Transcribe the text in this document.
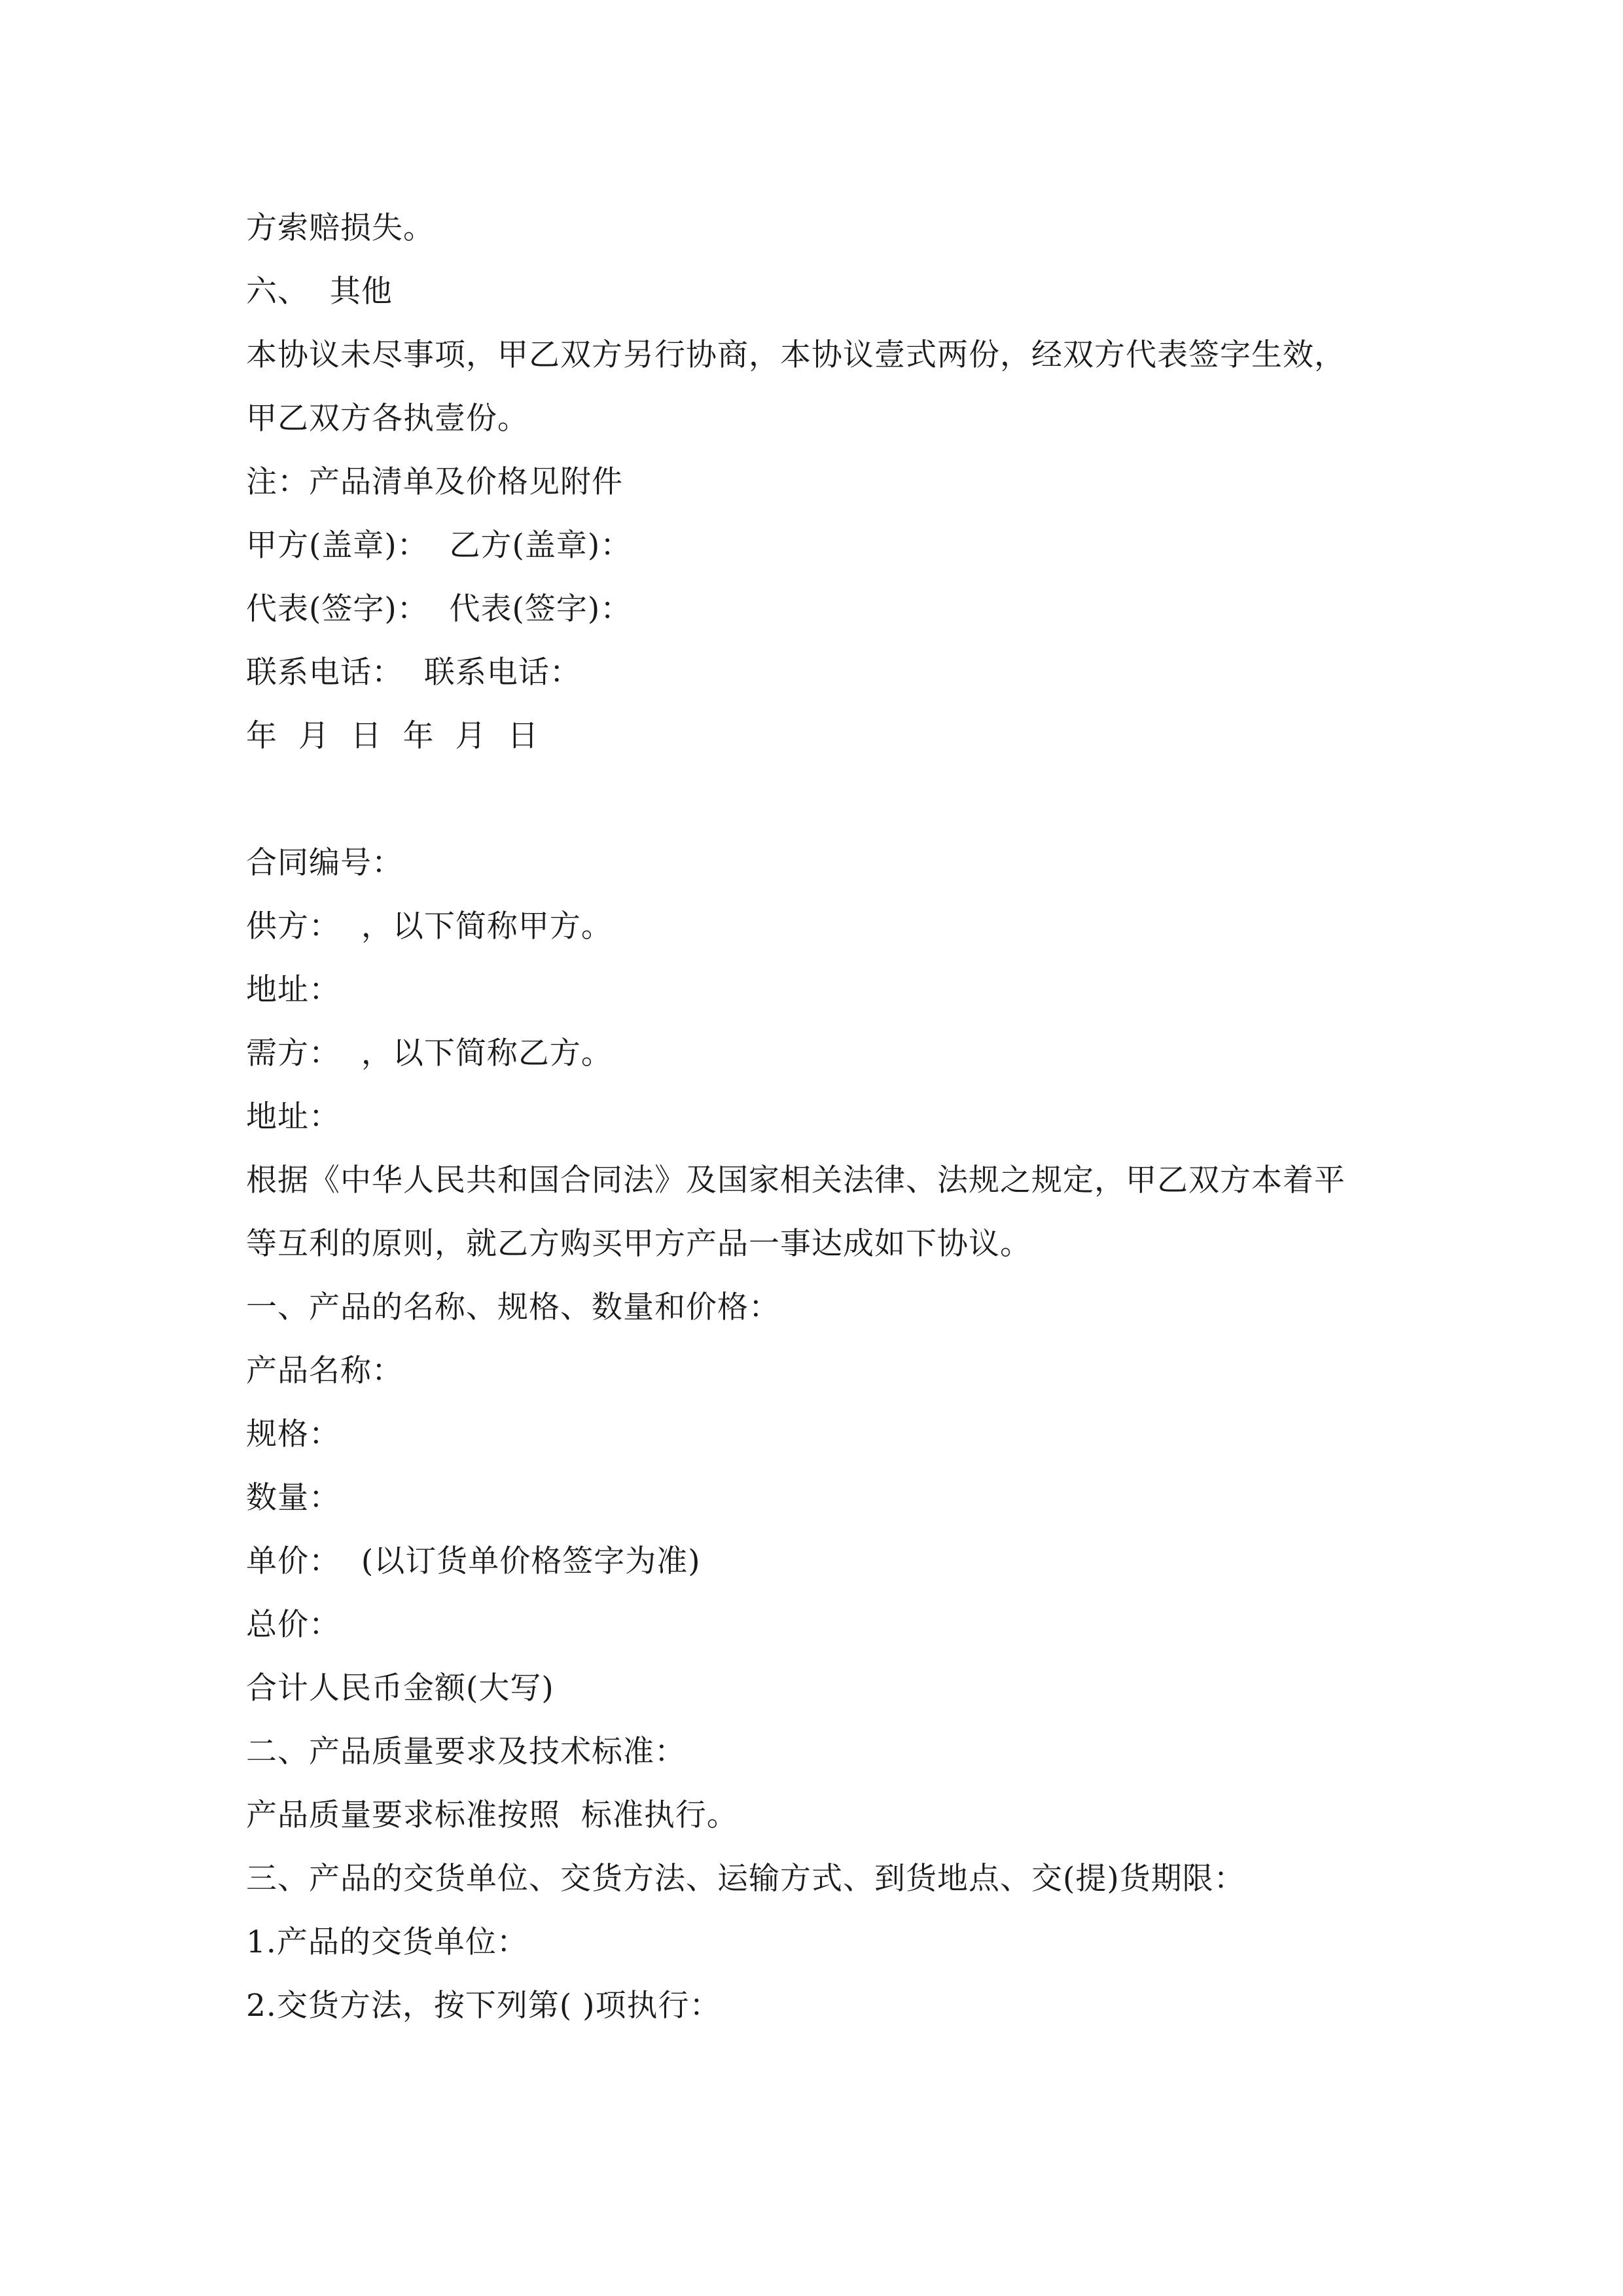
方索赔损失。
六、  其他
本协议未尽事项，甲乙双方另行协商，本协议壹式两份，经双方代表签字生效，
甲乙双方各执壹份。
注：产品清单及价格见附件
甲方(盖章)：  乙方(盖章)：
代表(签字)：  代表(签字)：
联系电话：  联系电话：
年  月  日  年  月  日
合同编号：
供方：  ，以下简称甲方。
地址：
需方：  ，以下简称乙方。
地址：
根据《中华人民共和国合同法》及国家相关法律、法规之规定，甲乙双方本着平
等互利的原则，就乙方购买甲方产品一事达成如下协议。
一、产品的名称、规格、数量和价格：
产品名称：
规格：
数量：
单价：  (以订货单价格签字为准)
总价：
合计人民币金额(大写)
二、产品质量要求及技术标准：
产品质量要求标准按照  标准执行。
三、产品的交货单位、交货方法、运输方式、到货地点、交(提)货期限：
1.产品的交货单位：
2.交货方法，按下列第( )项执行：
